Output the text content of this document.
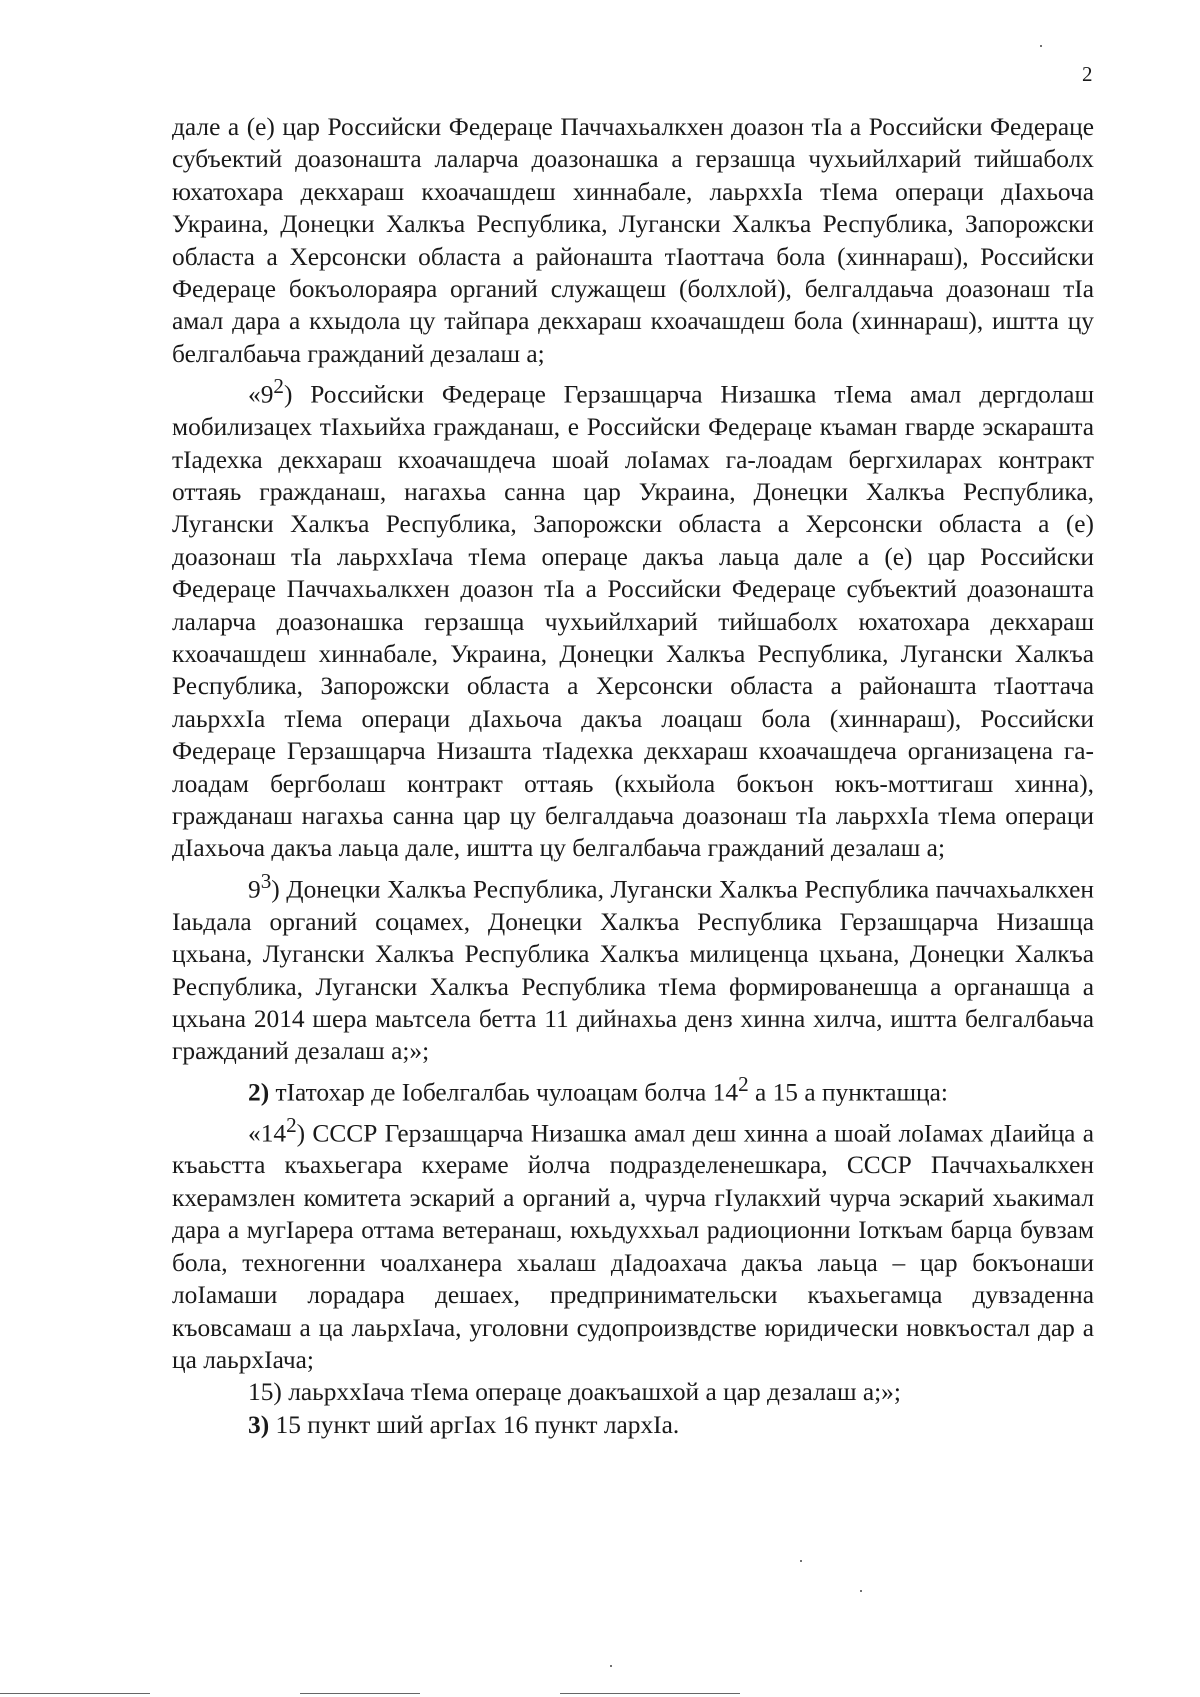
2

дале а (е) цар Российски Федераце Паччахьалкхен доазон тIа а Российски Федераце субъектий доазонашта лаларча доазонашка а герзашца чухьийлхарий тийшаболх юхатохара декхараш кхоачашдеш хиннабале, лаьрххIа тIема операци дIахьоча Украина, Донецки Халкъа Республика, Лугански Халкъа Республика, Запорожски областа а Херсонски областа а районашта тIаоттача бола (хиннараш), Российски Федераце бокъолораяра органий служащеш (болхлой), белгалдаьча доазонаш тIа амал дара а кхыдола цу тайпара декхараш кхоачашдеш бола (хиннараш), иштта цу белгалбаьча гражданий дезалаш а;

«$9^2$) Российски Федераце Герзашцарча Низашка тIема амал дергдолаш мобилизацех тIахьийха гражданаш, е Российски Федераце къаман гварде эскарашта тIадехка декхараш кхоачашдеча шоай лоIамах га-лоадам бергхиларах контракт оттаяь гражданаш, нагахьа санна цар Украина, Донецки Халкъа Республика, Лугански Халкъа Республика, Запорожски областа а Херсонски областа а (е) доазонаш тIа лаьрххIача тIема операце дакъа лаьца дале а (е) цар Российски Федераце Паччахьалкхен доазон тIа а Российски Федераце субъектий доазонашта лаларча доазонашка герзашца чухьийлхарий тийшаболх юхатохара декхараш кхоачашдеш хиннабале, Украина, Донецки Халкъа Республика, Лугански Халкъа Республика, Запорожски областа а Херсонски областа а районашта тIаоттача лаьрххIа тIема операци дIахьоча дакъа лоацаш бола (хиннараш), Российски Федераце Герзашцарча Низашта тIадехка декхараш кхоачашдеча организацена га-лоадам бергболаш контракт оттаяь (кхыйола бокъон юкъ-моттигаш хинна), гражданаш нагахьа санна цар цу белгалдаьча доазонаш тIа лаьрххIа тIема операци дIахьоча дакъа лаьца дале, иштта цу белгалбаьча гражданий дезалаш а;

$9^3$) Донецки Халкъа Республика, Лугански Халкъа Республика паччахьалкхен Iаьдала органий соцамех, Донецки Халкъа Республика Герзашцарча Низашца цхьана, Лугански Халкъа Республика Халкъа милиценца цхьана, Донецки Халкъа Республика, Лугански Халкъа Республика тIема формированешца а органашца а цхьана 2014 шера маьтсела бетта 11 дийнахьа денз хинна хилча, иштта белгалбаьча гражданий дезалаш а;»;

2) тIатохар де Iобелгалбаь чулоацам болча $14^2$ а 15 а пункташца:

«$14^2$) СССР Герзашцарча Низашка амал деш хинна а шоай лоIамах дIаийца а къаьстта къахьегара кхераме йолча подразделенешкара, СССР Паччахьалкхен кхерамзлен комитета эскарий а органий а, чурча гIулакхий чурча эскарий хьакимал дара а мугIарера оттама ветеранаш, юхьдуххьал радиоционни Iоткъам барца бувзам бола, техногенни чоалханера хьалаш дIадоахача дакъа лаьца – цар бокъонаши лоIамаши лорадара дешаех, предпринимательски къахьегамца дувзаденна къовсамаш а ца лаьрхIача, уголовни судопроизвдстве юридически новкъостал дар а ца лаьрхIача;

15) лаьрххIача тIема операце доакъашхой а цар дезалаш а;»;

3) 15 пункт ший аргIах 16 пункт лархIа.
